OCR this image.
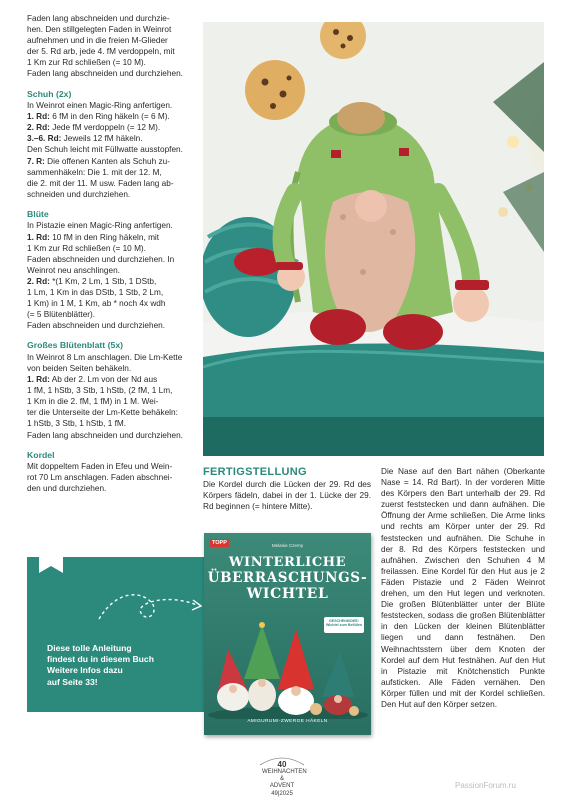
Faden lang abschneiden und durchzie-

hen. Den stillgelegten Faden in Weinrot

aufnehmen und in die freien M-Glieder

der 5. Rd arb, jede 4. fM verdoppeln, mit

1 Km zur Rd schließen (= 10 M).

Faden lang abschneiden und durchziehen.

Schuh (2x)

In Weinrot einen Magic-Ring anfertigen.

1. Rd: 6 fM in den Ring häkeln (= 6 M).

2. Rd: Jede fM verdoppeln (= 12 M).

3.–6. Rd: Jeweils 12 fM häkeln.

Den Schuh leicht mit Füllwatte ausstopfen.

7. R: Die offenen Kanten als Schuh zu-

sammenhäkeln: Die 1. mit der 12. M,

die 2. mit der 11. M usw. Faden lang ab-

schneiden und durchziehen.

Blüte

In Pistazie einen Magic-Ring anfertigen.

1. Rd: 10 fM in den Ring häkeln, mit

1 Km zur Rd schließen (= 10 M).

Faden abschneiden und durchziehen. In

Weinrot neu anschlingen.

2. Rd: *(1 Km, 2 Lm, 1 Stb, 1 DStb,

1 Lm, 1 Km in das DStb, 1 Stb, 2 Lm,

1 Km) in 1 M, 1 Km, ab * noch 4x wdh

(= 5 Blütenblätter).

Faden abschneiden und durchziehen.

Großes Blütenblatt (5x)

In Weinrot 8 Lm anschlagen. Die Lm-Kette

von beiden Seiten behäkeln.

1. Rd: Ab der 2. Lm von der Nd aus

1 fM, 1 hStb, 3 Stb, 1 hStb, (2 fM, 1 Lm,

1 Km in die 2. fM, 1 fM) in 1 M. Wei-

ter die Unterseite der Lm-Kette behäkeln:

1 hStb, 3 Stb, 1 hStb, 1 fM.

Faden lang abschneiden und durchziehen.

Kordel

Mit doppeltem Faden in Efeu und Wein-

rot 70 Lm anschlagen. Faden abschnei-

den und durchziehen.

FERTIGSTELLUNG

Die Kordel durch die Lücken der 29. Rd des Körpers fädeln, dabei in der 1. Lücke der 29. Rd beginnen (= hintere Mitte).

Die Nase auf den Bart nähen (Oberkante Nase = 14. Rd Bart). In der vorderen Mitte des Körpers den Bart unterhalb der 29. Rd zuerst feststecken und dann aufnähen. Die Öffnung der Arme schließen. Die Arme links und rechts am Körper unter der 29. Rd feststecken und aufnähen. Die Schuhe in der 8. Rd des Körpers feststecken und aufnähen. Zwischen den Schuhen 4 M freilassen. Eine Kordel für den Hut aus je 2 Fäden Pistazie und 2 Fäden Weinrot drehen, um den Hut legen und verknoten. Die großen Blütenblätter unter der Blüte feststecken, sodass die großen Blütenblätter in den Lücken der kleinen Blütenblätter liegen und dann festnähen. Den Weihnachtsstern über dem Knoten der Kordel auf dem Hut festnähen. Auf den Hut in Pistazie mit Knötchenstich Punkte aufsticken. Alle Fäden vernähen. Den Körper füllen und mit der Kordel schließen. Den Hut auf den Körper setzen.

Diese tolle Anleitung

findest du in diesem Buch

Weitere Infos dazu

auf Seite 33!

TOPP	Melanie Czerny

WINTERLICHE

ÜBERRASCHUNGS-

WICHTEL

GESCHENKIDEE: Wichtel zum Befüllen

AMIGURUMI-ZWERGE HÄKELN

40

WEIHNACHTEN &

ADVENT

49|2025

PassionForum.ru
